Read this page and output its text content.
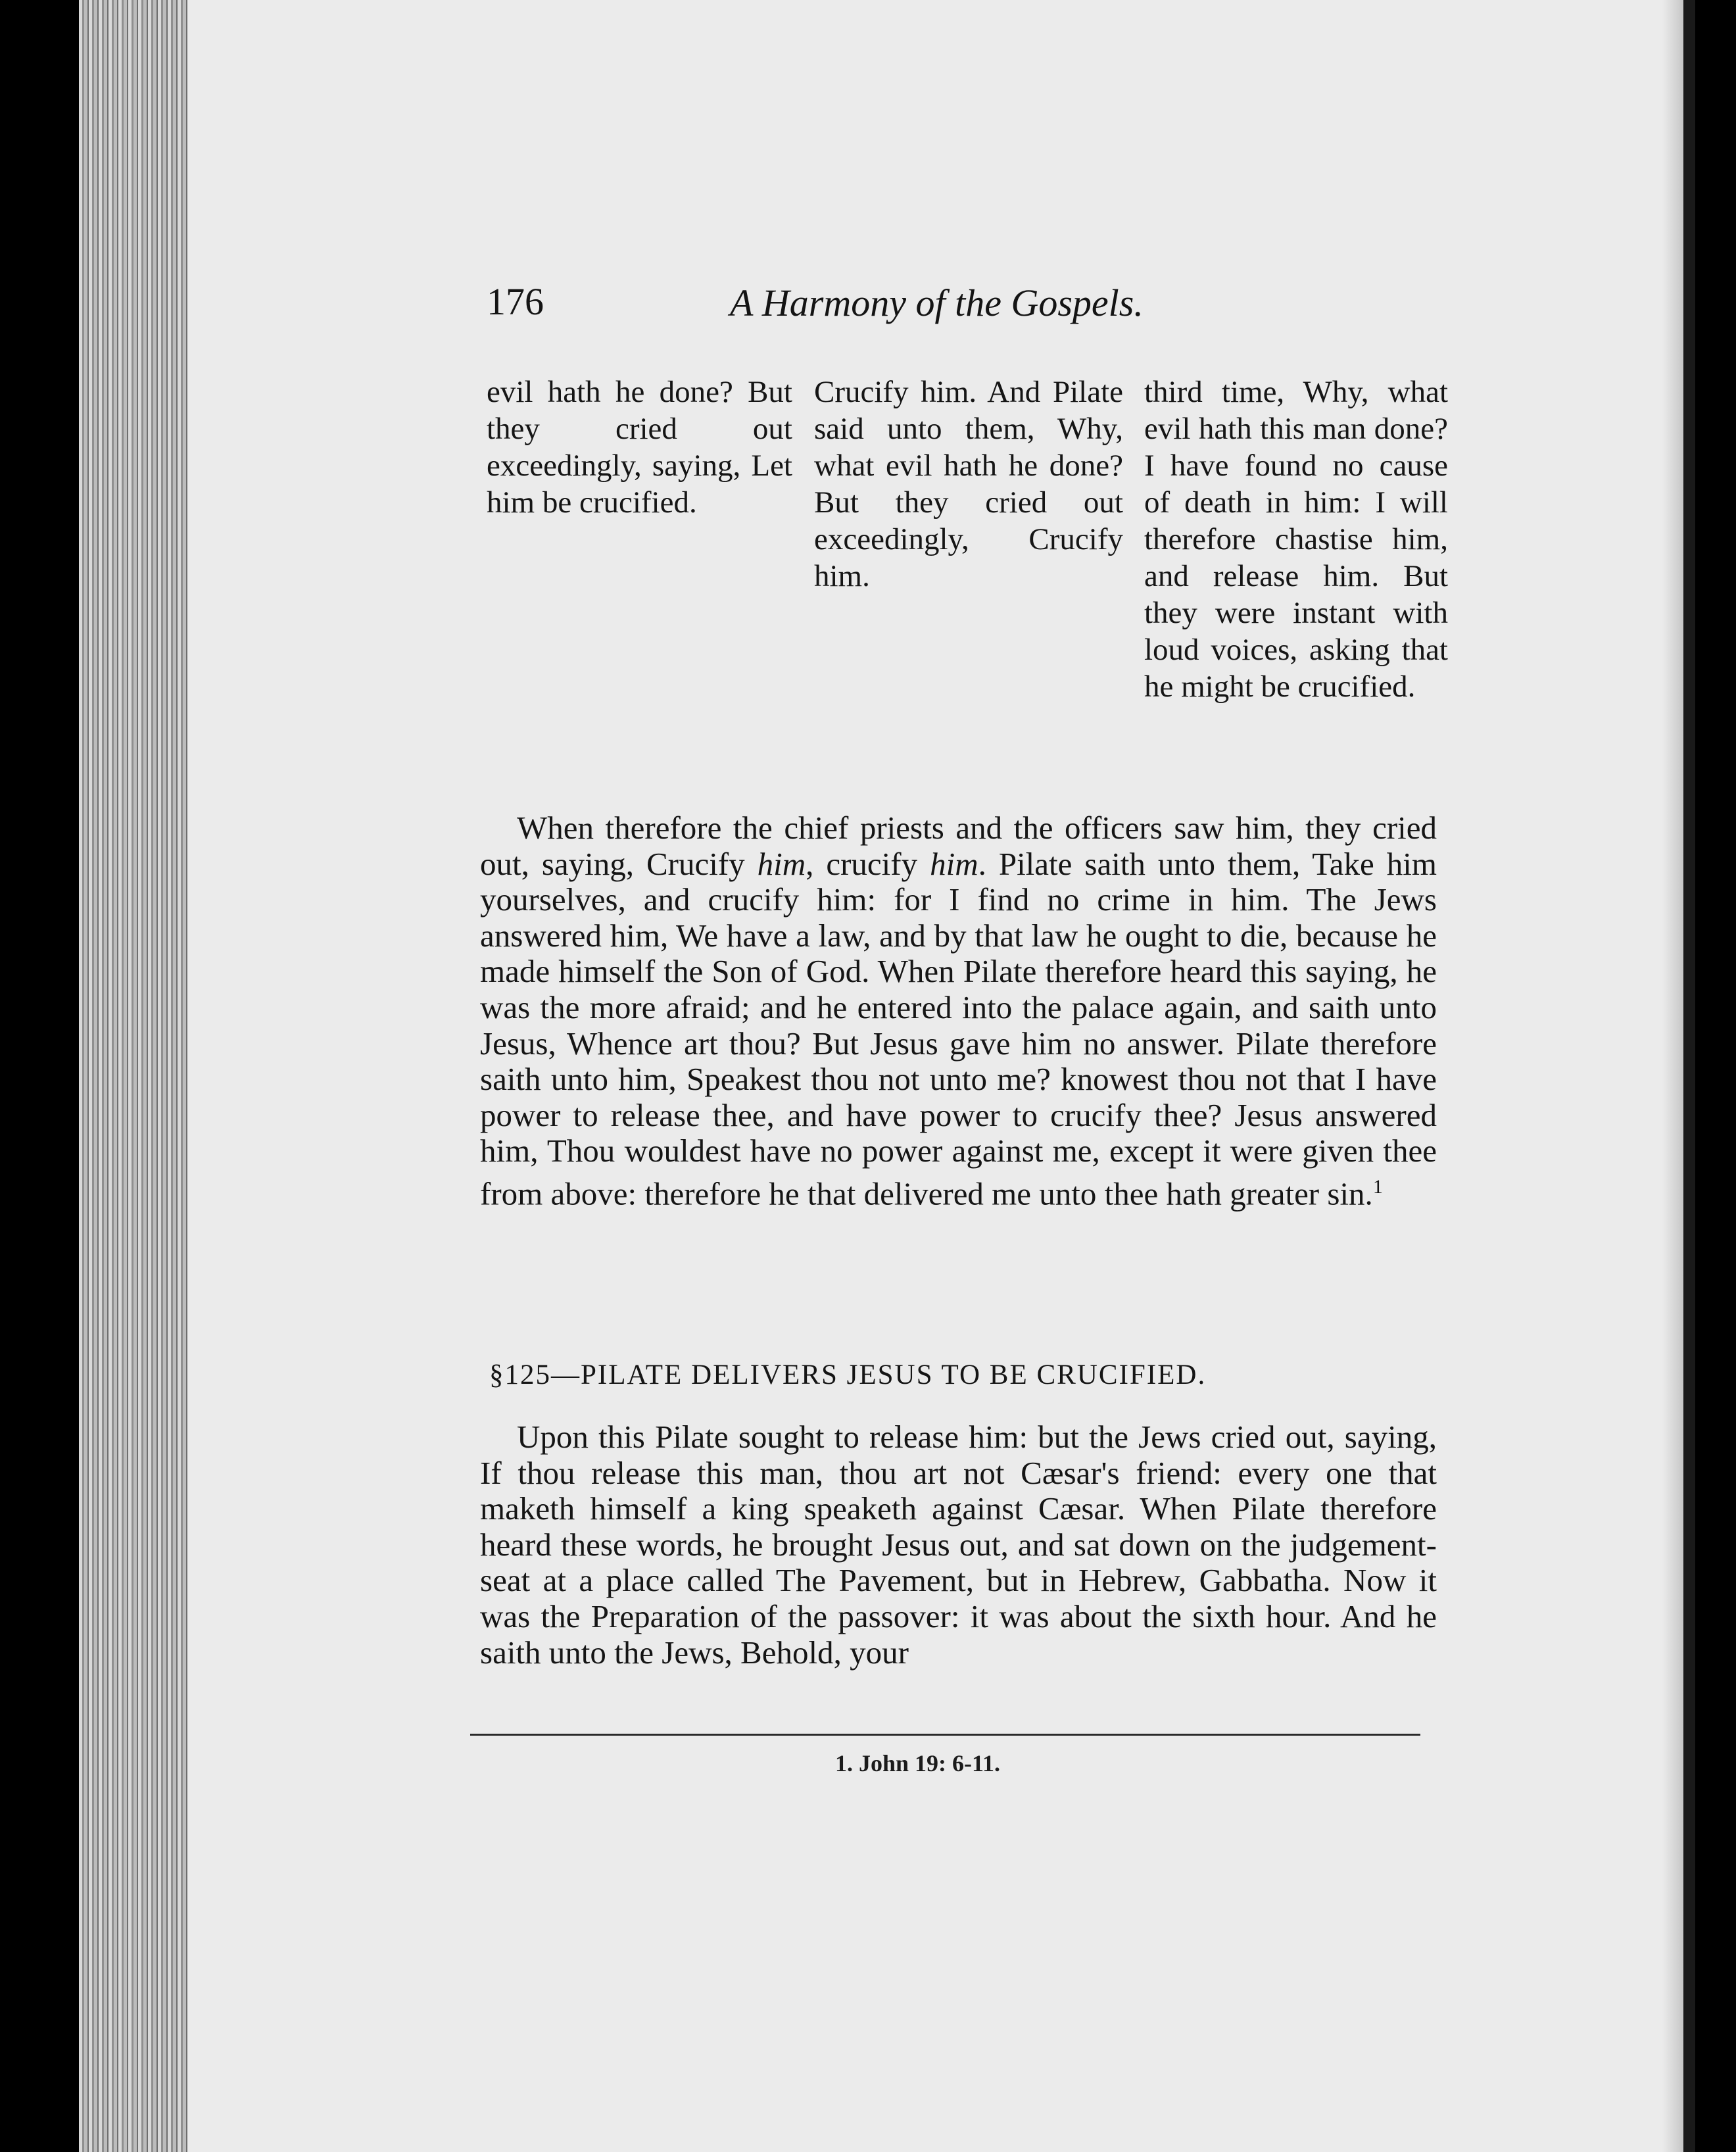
176	A Harmony of the Gospels.

evil hath he done? But they cried out exceedingly, saying, Let him be crucified.

Crucify him. And Pilate said unto them, Why, what evil hath he done? But they cried out exceedingly, Crucify him.

third time, Why, what evil hath this man done? I have found no cause of death in him: I will therefore chastise him, and release him. But they were instant with loud voices, asking that he might be crucified.

When therefore the chief priests and the officers saw him, they cried out, saying, Crucify him, crucify him. Pilate saith unto them, Take him yourselves, and crucify him: for I find no crime in him. The Jews answered him, We have a law, and by that law he ought to die, because he made himself the Son of God. When Pilate therefore heard this saying, he was the more afraid; and he entered into the palace again, and saith unto Jesus, Whence art thou? But Jesus gave him no answer. Pilate therefore saith unto him, Speakest thou not unto me? knowest thou not that I have power to release thee, and have power to crucify thee? Jesus answered him, Thou wouldest have no power against me, except it were given thee from above: therefore he that delivered me unto thee hath greater sin.$^1$

§125—PILATE DELIVERS JESUS TO BE CRUCIFIED.

Upon this Pilate sought to release him: but the Jews cried out, saying, If thou release this man, thou art not Cæsar's friend: every one that maketh himself a king speaketh against Cæsar. When Pilate therefore heard these words, he brought Jesus out, and sat down on the judgement-seat at a place called The Pavement, but in Hebrew, Gabbatha. Now it was the Preparation of the passover: it was about the sixth hour. And he saith unto the Jews, Behold, your

1. John 19: 6-11.
